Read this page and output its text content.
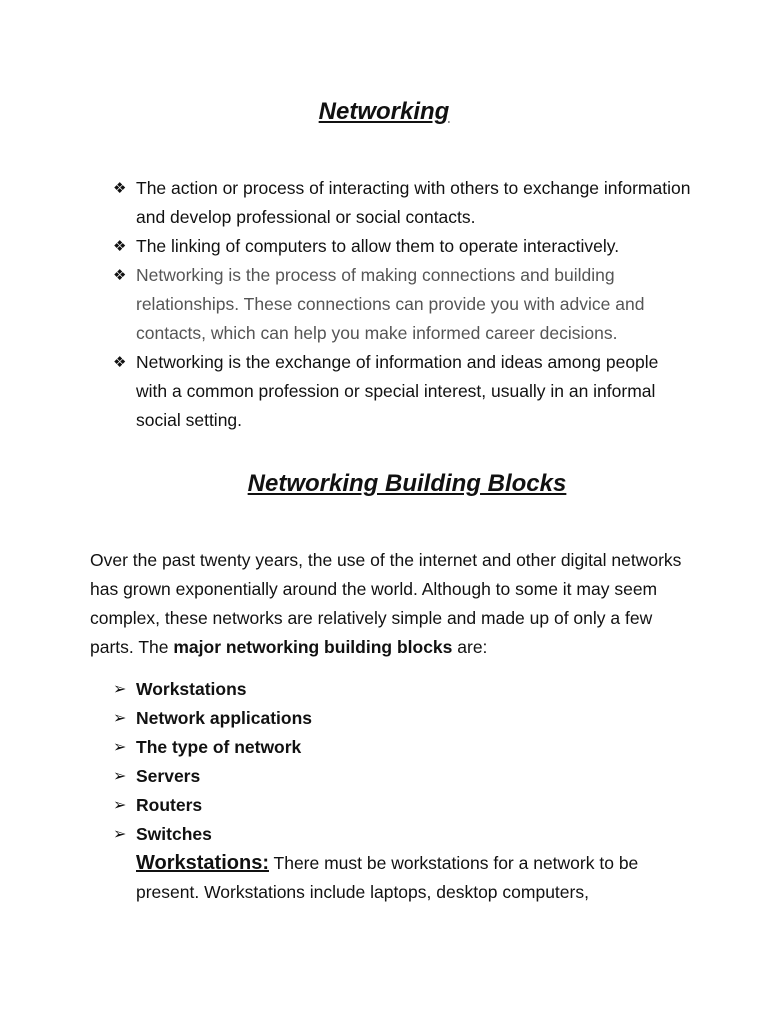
Networking
❖ The action or process of interacting with others to exchange information and develop professional or social contacts.
❖ The linking of computers to allow them to operate interactively.
❖ Networking is the process of making connections and building relationships. These connections can provide you with advice and contacts, which can help you make informed career decisions.
❖ Networking is the exchange of information and ideas among people with a common profession or special interest, usually in an informal social setting.
Networking Building Blocks

Over the past twenty years, the use of the internet and other digital networks has grown exponentially around the world. Although to some it may seem complex, these networks are relatively simple and made up of only a few parts. The major networking building blocks are:

➢ Workstations
➢ Network applications
➢ The type of network
➢ Servers
➢ Routers
➢ Switches

Workstations: There must be workstations for a network to be present. Workstations include laptops, desktop computers,
